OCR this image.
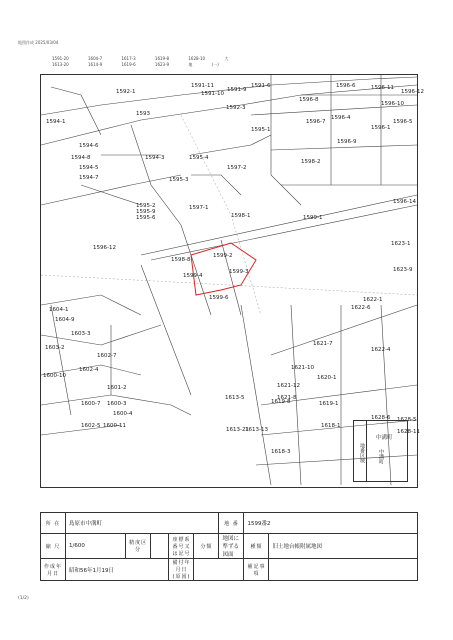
地図作成 2025/03/04
1591-20	1604-7	1617-3	1619-8	1628-10	大
1613-20	1614-9	1619-6	1623-9	地	(一)
1591-11
1591-10
1591-9
1591-6	1596-6	1596-11
1596-12
1592-1
1593
1592-3
1596-8
1596-10
1594-1	1596-7
1596-4
1596-1
1596-5
1595-1
1594-6
1594-8	1594-3	1595-4
1596-9
1594-5
1594-7
1597-2
1598-2
1595-3
1595-2
1595-9
1595-6
1597-1
1598-1	1599-1
1596-14
1623-1
1596-12
1598-8
1599-2
1599-4
1599-3	1623-9
1599-6	1622-1
1604-1
1604-9
1622-6
1603-3
1603-2
1621-7
1622-4
1602-7
1602-4	1621-10
1620-1
1600-10
1601-2
1621-8
1621-12
1600-7 1600-3
1600-4
1613-5
1619-8	1619-1
1602-5 1600-11	1618-1
1628-6 1628-5
1613-21
1613-13
1618-3
1628-11
地番区域
中溝町
中溝町
所 在	島原市中溝町					地 番	1599番2	
縮 尺	1/600	精度区分		座標系番号又は記号	分類	地図に準ずる図面	種類	旧土地台帳附属地図
作成年月日	昭和56年1月19日			備付年月日(原図)			補記事項	
(1/2)
